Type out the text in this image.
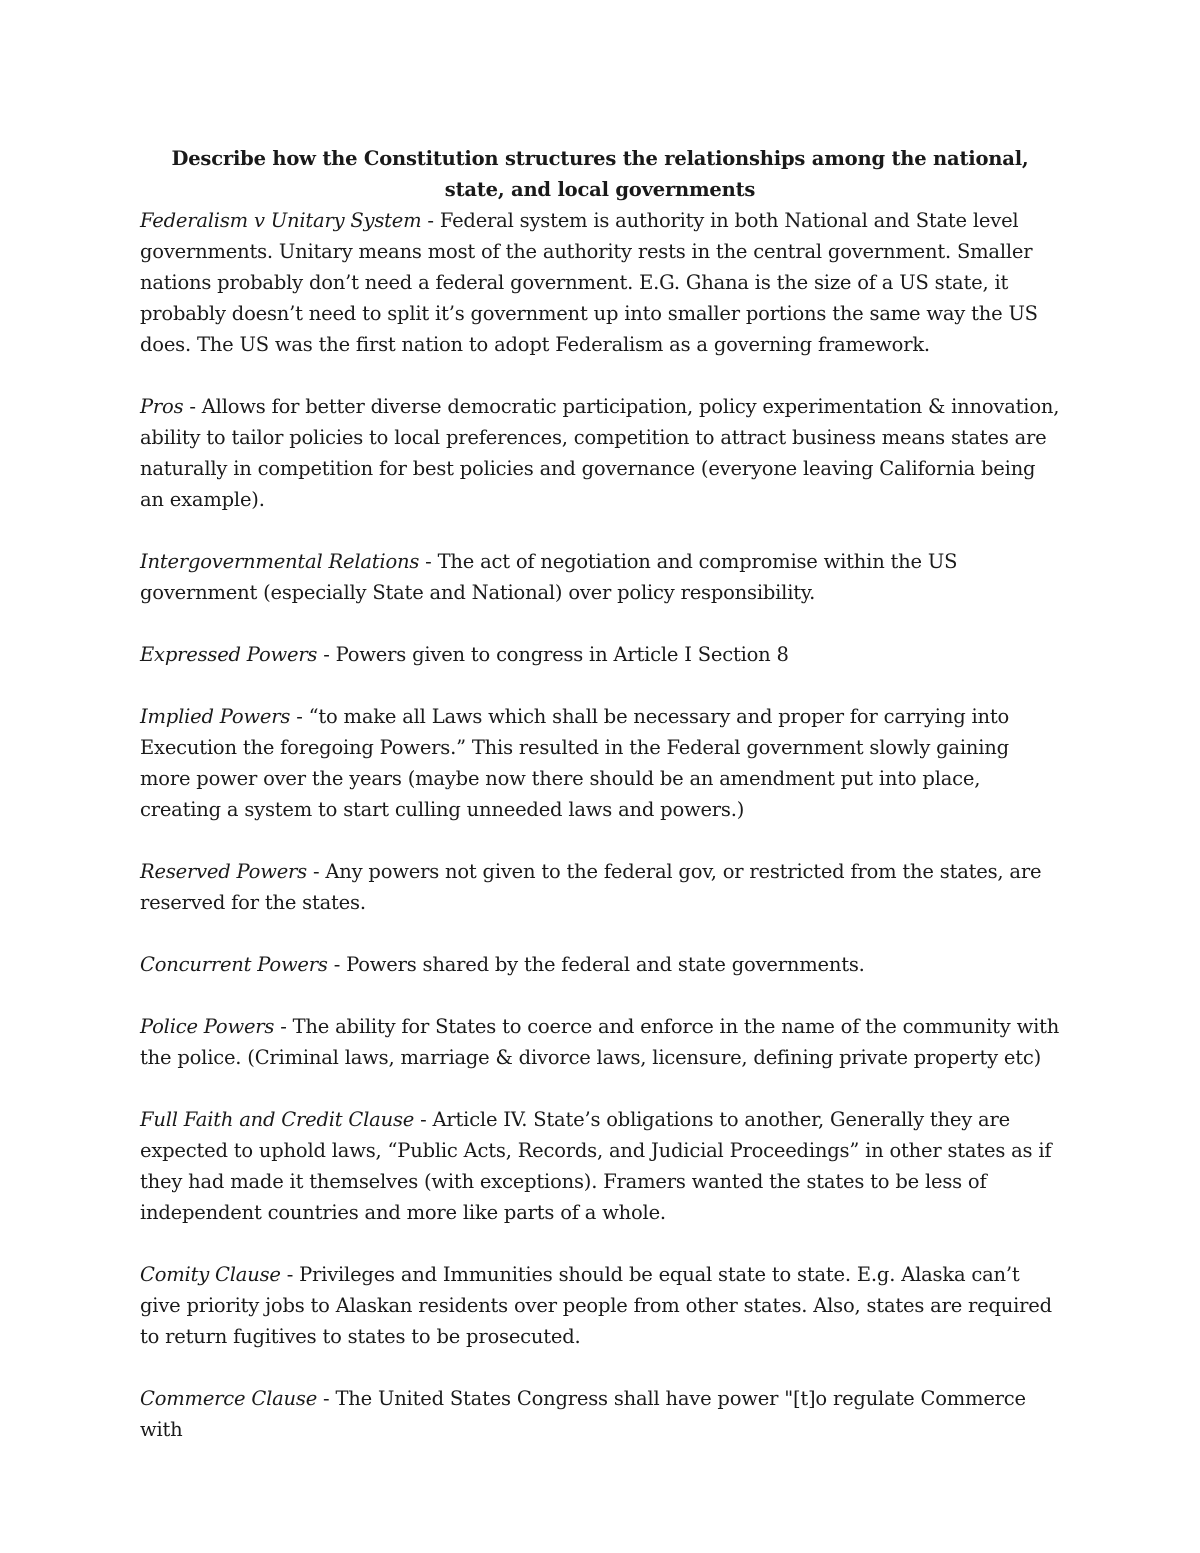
Describe how the Constitution structures the relationships among the national, state, and local governments

Federalism v Unitary System - Federal system is authority in both National and State level governments. Unitary means most of the authority rests in the central government. Smaller nations probably don’t need a federal government. E.G. Ghana is the size of a US state, it probably doesn’t need to split it’s government up into smaller portions the same way the US does. The US was the first nation to adopt Federalism as a governing framework.

Pros - Allows for better diverse democratic participation, policy experimentation & innovation, ability to tailor policies to local preferences, competition to attract business means states are naturally in competition for best policies and governance (everyone leaving California being an example).

Intergovernmental Relations - The act of negotiation and compromise within the US government (especially State and National) over policy responsibility.

Expressed Powers - Powers given to congress in Article I Section 8

Implied Powers - “to make all Laws which shall be necessary and proper for carrying into Execution the foregoing Powers.” This resulted in the Federal government slowly gaining more power over the years (maybe now there should be an amendment put into place, creating a system to start culling unneeded laws and powers.)

Reserved Powers - Any powers not given to the federal gov, or restricted from the states, are reserved for the states.

Concurrent Powers - Powers shared by the federal and state governments.

Police Powers - The ability for States to coerce and enforce in the name of the community with the police. (Criminal laws, marriage & divorce laws, licensure, defining private property etc)

Full Faith and Credit Clause - Article IV. State’s obligations to another, Generally they are expected to uphold laws, “Public Acts, Records, and Judicial Proceedings” in other states as if they had made it themselves (with exceptions). Framers wanted the states to be less of independent countries and more like parts of a whole.

Comity Clause - Privileges and Immunities should be equal state to state. E.g. Alaska can’t give priority jobs to Alaskan residents over people from other states. Also, states are required to return fugitives to states to be prosecuted.

Commerce Clause - The United States Congress shall have power "[t]o regulate Commerce with
